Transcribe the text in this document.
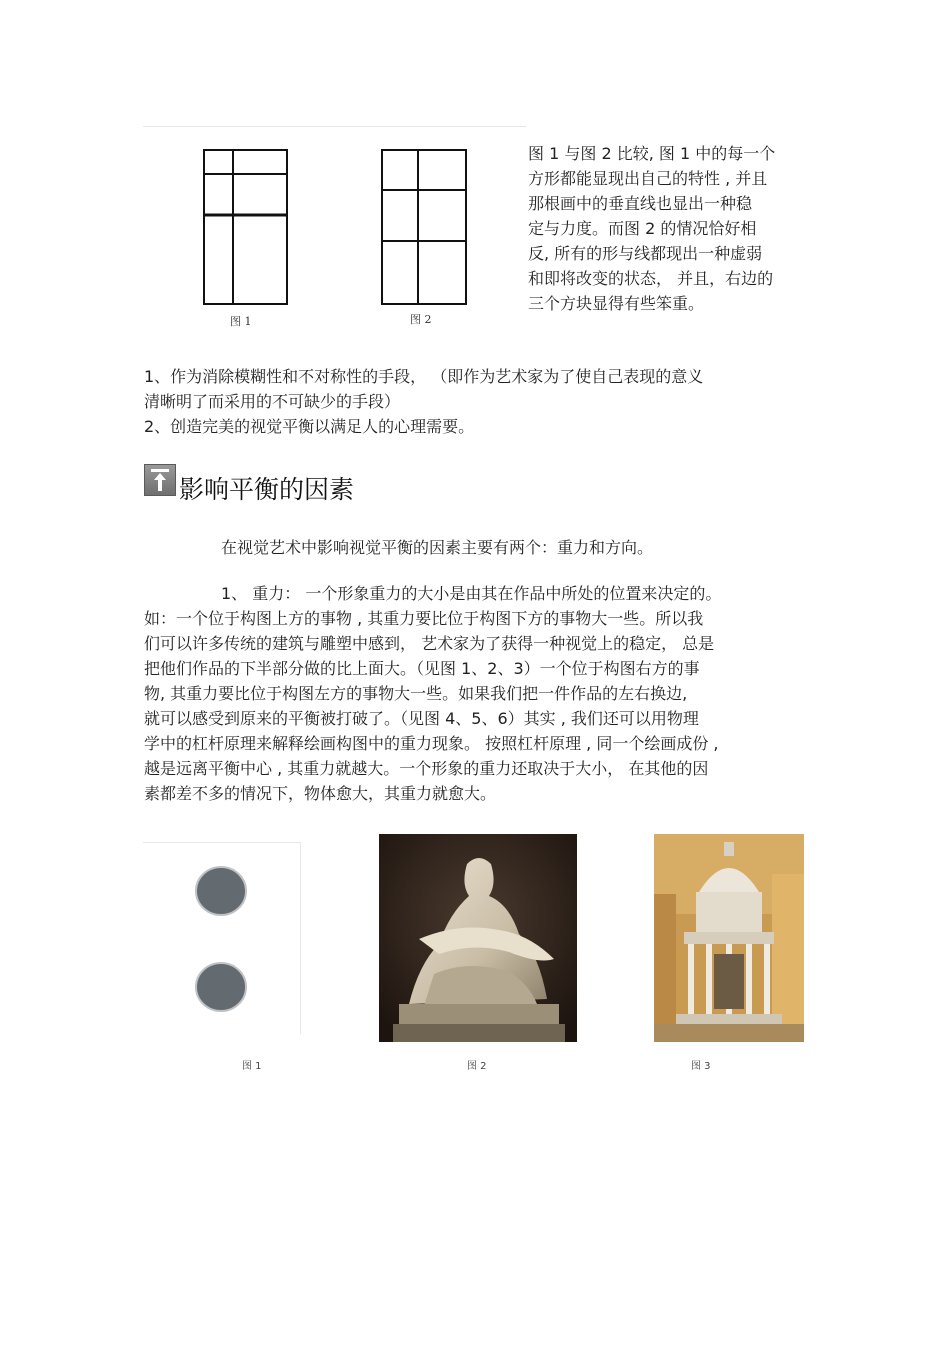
图 1	图 2
图 1 与图 2 比较, 图 1 中的每一个
方形都能显现出自己的特性 , 并且
那根画中的垂直线也显出一种稳
定与力度。而图 2 的情况恰好相
反, 所有的形与线都现出一种虚弱
和即将改变的状态， 并且，右边的
三个方块显得有些笨重。
1、作为消除模糊性和不对称性的手段， （即作为艺术家为了使自己表现的意义
清晰明了而采用的不可缺少的手段）
2、创造完美的视觉平衡以满足人的心理需要。
影响平衡的因素
在视觉艺术中影响视觉平衡的因素主要有两个：重力和方向。
1、 重力： 一个形象重力的大小是由其在作品中所处的位置来决定的。
如：一个位于构图上方的事物 , 其重力要比位于构图下方的事物大一些。所以我
们可以许多传统的建筑与雕塑中感到， 艺术家为了获得一种视觉上的稳定， 总是
把他们作品的下半部分做的比上面大。（见图 1、2、3）一个位于构图右方的事
物, 其重力要比位于构图左方的事物大一些。如果我们把一件作品的左右换边,
就可以感受到原来的平衡被打破了。（见图 4、5、6）其实 , 我们还可以用物理
学中的杠杆原理来解释绘画构图中的重力现象。 按照杠杆原理 , 同一个绘画成份 ,
越是远离平衡中心 , 其重力就越大。一个形象的重力还取决于大小， 在其他的因
素都差不多的情况下，物体愈大，其重力就愈大。
图 1	图 2	图 3
